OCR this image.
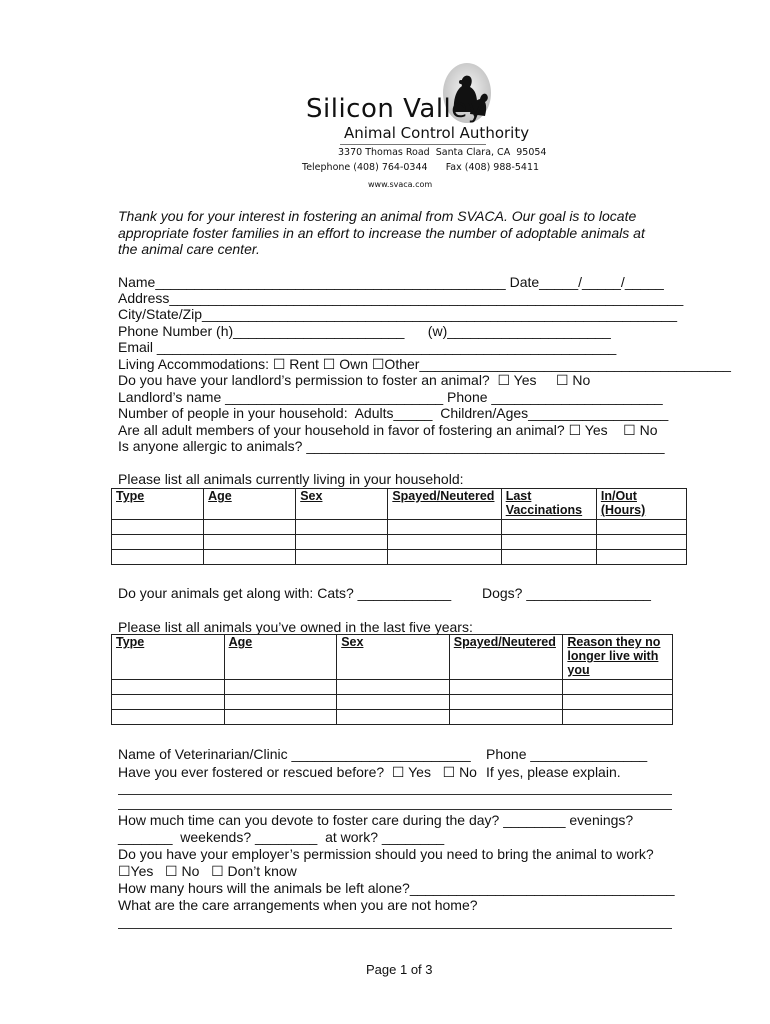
Silicon Valley
Animal Control Authority
3370 Thomas Road  Santa Clara, CA  95054
Telephone (408) 764-0344      Fax (408) 988-5411
www.svaca.com
Thank you for your interest in fostering an animal from SVACA. Our goal is to locate appropriate foster families in an effort to increase the number of adoptable animals at the animal care center.
Name_____________________________________________ Date_____/_____/_____
Address__________________________________________________________________
City/State/Zip_____________________________________________________________
Phone Number (h)______________________      (w)_____________________
Email ___________________________________________________________
Living Accommodations: ☐ Rent ☐ Own ☐Other________________________________________
Do you have your landlord’s permission to foster an animal?  ☐ Yes     ☐ No
Landlord’s name ____________________________ Phone ______________________
Number of people in your household:  Adults_____  Children/Ages__________________
Are all adult members of your household in favor of fostering an animal? ☐ Yes    ☐ No
Is anyone allergic to animals? ______________________________________________
Please list all animals currently living in your household:
Type	Age	Sex	Spayed/Neutered	Last Vaccinations	In/Out (Hours)

Do your animals get along with: Cats? ____________ Dogs? ________________
Please list all animals you’ve owned in the last five years:
Type	Age	Sex	Spayed/Neutered	Reason they no longer live with you

Name of Veterinarian/Clinic _______________________ Phone _______________
Have you ever fostered or rescued before?  ☐ Yes   ☐ No If yes, please explain.
How much time can you devote to foster care during the day? ________ evenings?
_______  weekends? ________  at work? ________
Do you have your employer’s permission should you need to bring the animal to work?
☐Yes   ☐ No   ☐ Don’t know
How many hours will the animals be left alone?__________________________________
What are the care arrangements when you are not home?
Page 1 of 3
